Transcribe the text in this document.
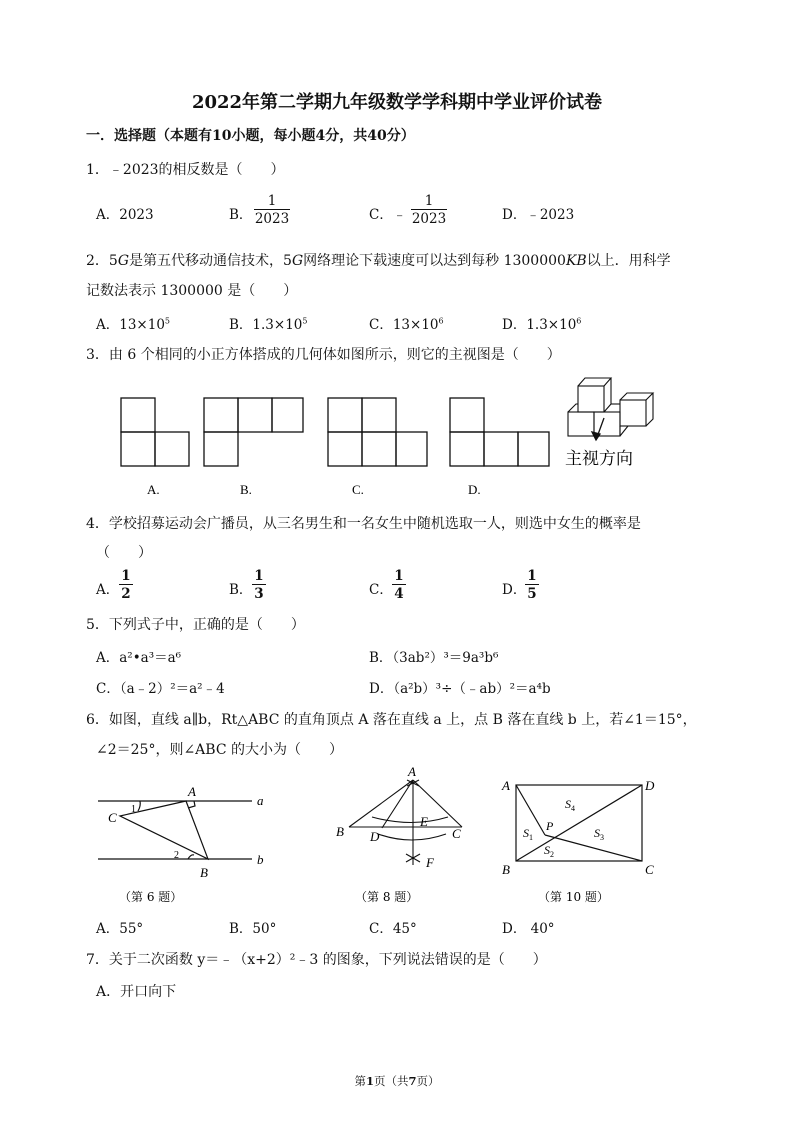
2022年第二学期九年级数学学科期中学业评价试卷
一．选择题（本题有10小题，每小题4分，共40分）
1．﹣2023的相反数是（　　）
A．2023	B． $\frac{1}{2023}$	C．﹣ $\frac{1}{2023}$	D．﹣2023
2．5G是第五代移动通信技术，5G网络理论下载速度可以达到每秒 1300000KB以上．用科学
记数法表示 1300000 是（　　）
A．$13\times 10^5$	B．$1.3\times 10^5$	C．$13\times 10^6$	D．$1.3\times 10^6$
3．由 6 个相同的小正方体搭成的几何体如图所示，则它的主视图是（　　）
A.	B.	C.	D.
主视方向
4．学校招募运动会广播员，从三名男生和一名女生中随机选取一人，则选中女生的概率是
（　　）
A． $\frac{1}{2}$	B． $\frac{1}{3}$	C． $\frac{1}{4}$	D．
$\frac{1}{5}$
5．下列式子中，正确的是（　　）
A．a²•a³＝a⁶	B．（3ab²）³＝9a³b⁶
C．（a﹣2）²＝a²﹣4	D．（a²b）³÷（﹣ab）²＝a⁴b
6．如图，直线 a∥b，Rt△ABC 的直角顶点 A 落在直线 a 上，点 B 落在直线 b 上，若∠1＝15°，
∠2＝25°，则∠ABC 的大小为（　　）
A
C
B
a
b
1
2
A
B D
E
C
F
A	D
B	C
P
$S_4$
$S_1$	$S_3$
$S_2$
（第 6 题）	（第 8 题）	（第 10 题）
A．55°	B．50°	C．45°	D． 40°
7．关于二次函数 y＝﹣（x+2）²﹣3 的图象，下列说法错误的是（　　）
A．开口向下
第1页（共7页）
